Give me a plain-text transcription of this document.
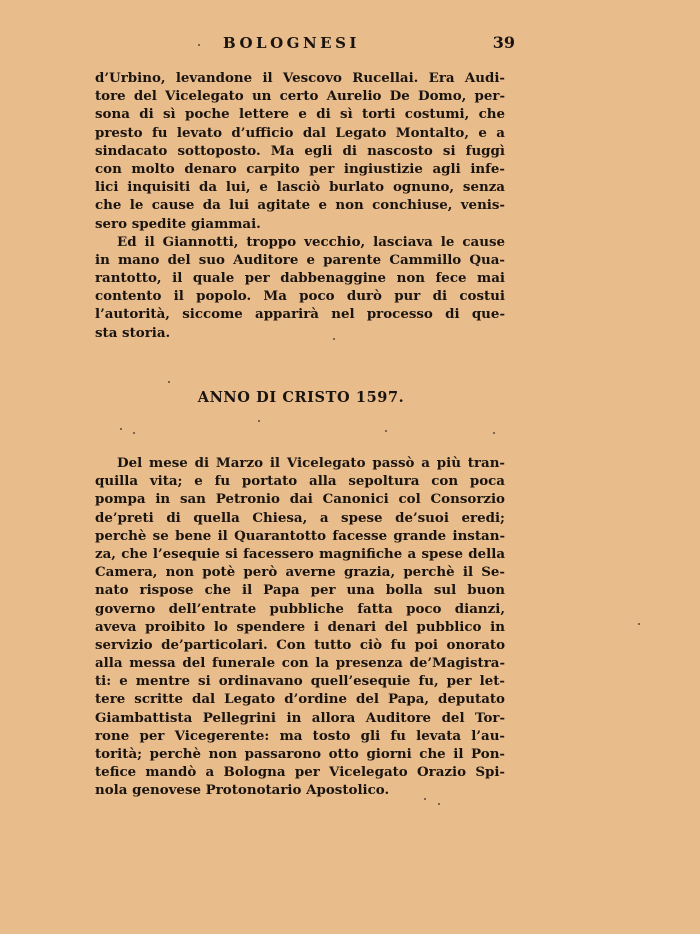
BOLOGNESI	39
d’Urbino, levandone il Vescovo Rucellai. Era Audi-
tore del Vicelegato un certo Aurelio De Domo, per-
sona di sì poche lettere e di sì torti costumi, che
presto fu levato d’ufficio dal Legato Montalto, e a
sindacato sottoposto. Ma egli di nascosto si fuggì
con molto denaro carpito per ingiustizie agli infe-
lici inquisiti da lui, e lasciò burlato ognuno, senza
che le cause da lui agitate e non conchiuse, venis-
sero spedite giammai.
Ed il Giannotti, troppo vecchio, lasciava le cause
in mano del suo Auditore e parente Cammillo Qua-
rantotto, il quale per dabbenaggine non fece mai
contento il popolo. Ma poco durò pur di costui
l’autorità, siccome apparirà nel processo di que-
sta storia.
ANNO DI CRISTO 1597.
Del mese di Marzo il Vicelegato passò a più tran-
quilla vita; e fu portato alla sepoltura con poca
pompa in san Petronio dai Canonici col Consorzio
de’preti di quella Chiesa, a spese de’suoi eredi;
perchè se bene il Quarantotto facesse grande instan-
za, che l’esequie si facessero magnifiche a spese della
Camera, non potè però averne grazia, perchè il Se-
nato rispose che il Papa per una bolla sul buon
governo dell’entrate pubbliche fatta poco dianzi,
aveva proibito lo spendere i denari del pubblico in
servizio de’particolari. Con tutto ciò fu poi onorato
alla messa del funerale con la presenza de’Magistra-
ti: e mentre si ordinavano quell’esequie fu, per let-
tere scritte dal Legato d’ordine del Papa, deputato
Giambattista Pellegrini in allora Auditore del Tor-
rone per Vicegerente: ma tosto gli fu levata l’au-
torità; perchè non passarono otto giorni che il Pon-
tefice mandò a Bologna per Vicelegato Orazio Spi-
nola genovese Protonotario Apostolico.
